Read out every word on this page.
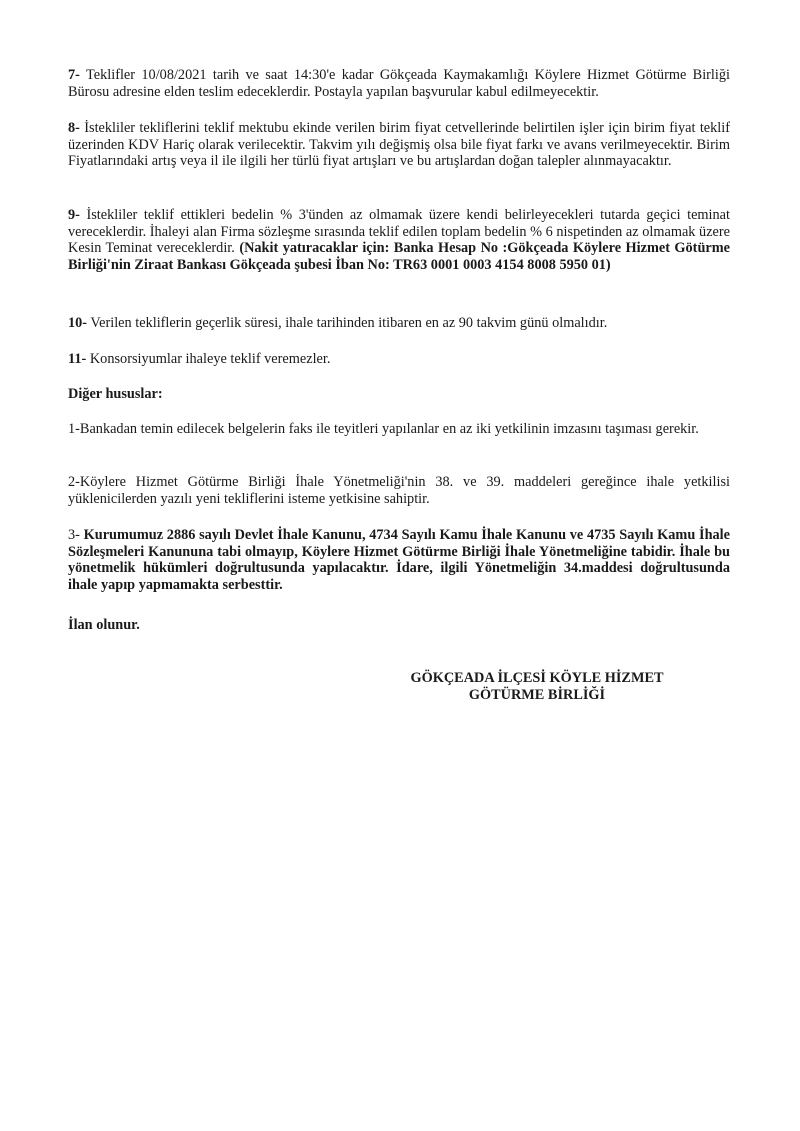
7- Teklifler 10/08/2021 tarih ve saat 14:30'e kadar Gökçeada Kaymakamlığı Köylere Hizmet Götürme Birliği Bürosu adresine elden teslim edeceklerdir. Postayla yapılan başvurular kabul edilmeyecektir.

8- İstekliler tekliflerini teklif mektubu ekinde verilen birim fiyat cetvellerinde belirtilen işler için birim fiyat teklif üzerinden KDV Hariç olarak verilecektir. Takvim yılı değişmiş olsa bile fiyat farkı ve avans verilmeyecektir. Birim Fiyatlarındaki artış veya il ile ilgili her türlü fiyat artışları ve bu artışlardan doğan talepler alınmayacaktır.

9- İstekliler teklif ettikleri bedelin % 3'ünden az olmamak üzere kendi belirleyecekleri tutarda geçici teminat vereceklerdir. İhaleyi alan Firma sözleşme sırasında teklif edilen toplam bedelin % 6 nispetinden az olmamak üzere Kesin Teminat vereceklerdir. (Nakit yatıracaklar için: Banka Hesap No :Gökçeada Köylere Hizmet Götürme Birliği'nin Ziraat Bankası Gökçeada şubesi İban No: TR63 0001 0003 4154 8008 5950 01)

10- Verilen tekliflerin geçerlik süresi, ihale tarihinden itibaren en az 90 takvim günü olmalıdır.

11- Konsorsiyumlar ihaleye teklif veremezler.

Diğer hususlar:

1-Bankadan temin edilecek belgelerin faks ile teyitleri yapılanlar en az iki yetkilinin imzasını taşıması gerekir.

2-Köylere Hizmet Götürme Birliği İhale Yönetmeliği'nin 38. ve 39. maddeleri gereğince ihale yetkilisi yüklenicilerden yazılı yeni tekliflerini isteme yetkisine sahiptir.

3- Kurumumuz 2886 sayılı Devlet İhale Kanunu, 4734 Sayılı Kamu İhale Kanunu ve 4735 Sayılı Kamu İhale Sözleşmeleri Kanununa tabi olmayıp, Köylere Hizmet Götürme Birliği İhale Yönetmeliğine tabidir. İhale bu yönetmelik hükümleri doğrultusunda yapılacaktır. İdare, ilgili Yönetmeliğin 34.maddesi doğrultusunda ihale yapıp yapmamakta serbesttir.

İlan olunur.

GÖKÇEADA İLÇESİ KÖYLE HİZMET
GÖTÜRME BİRLİĞİ
